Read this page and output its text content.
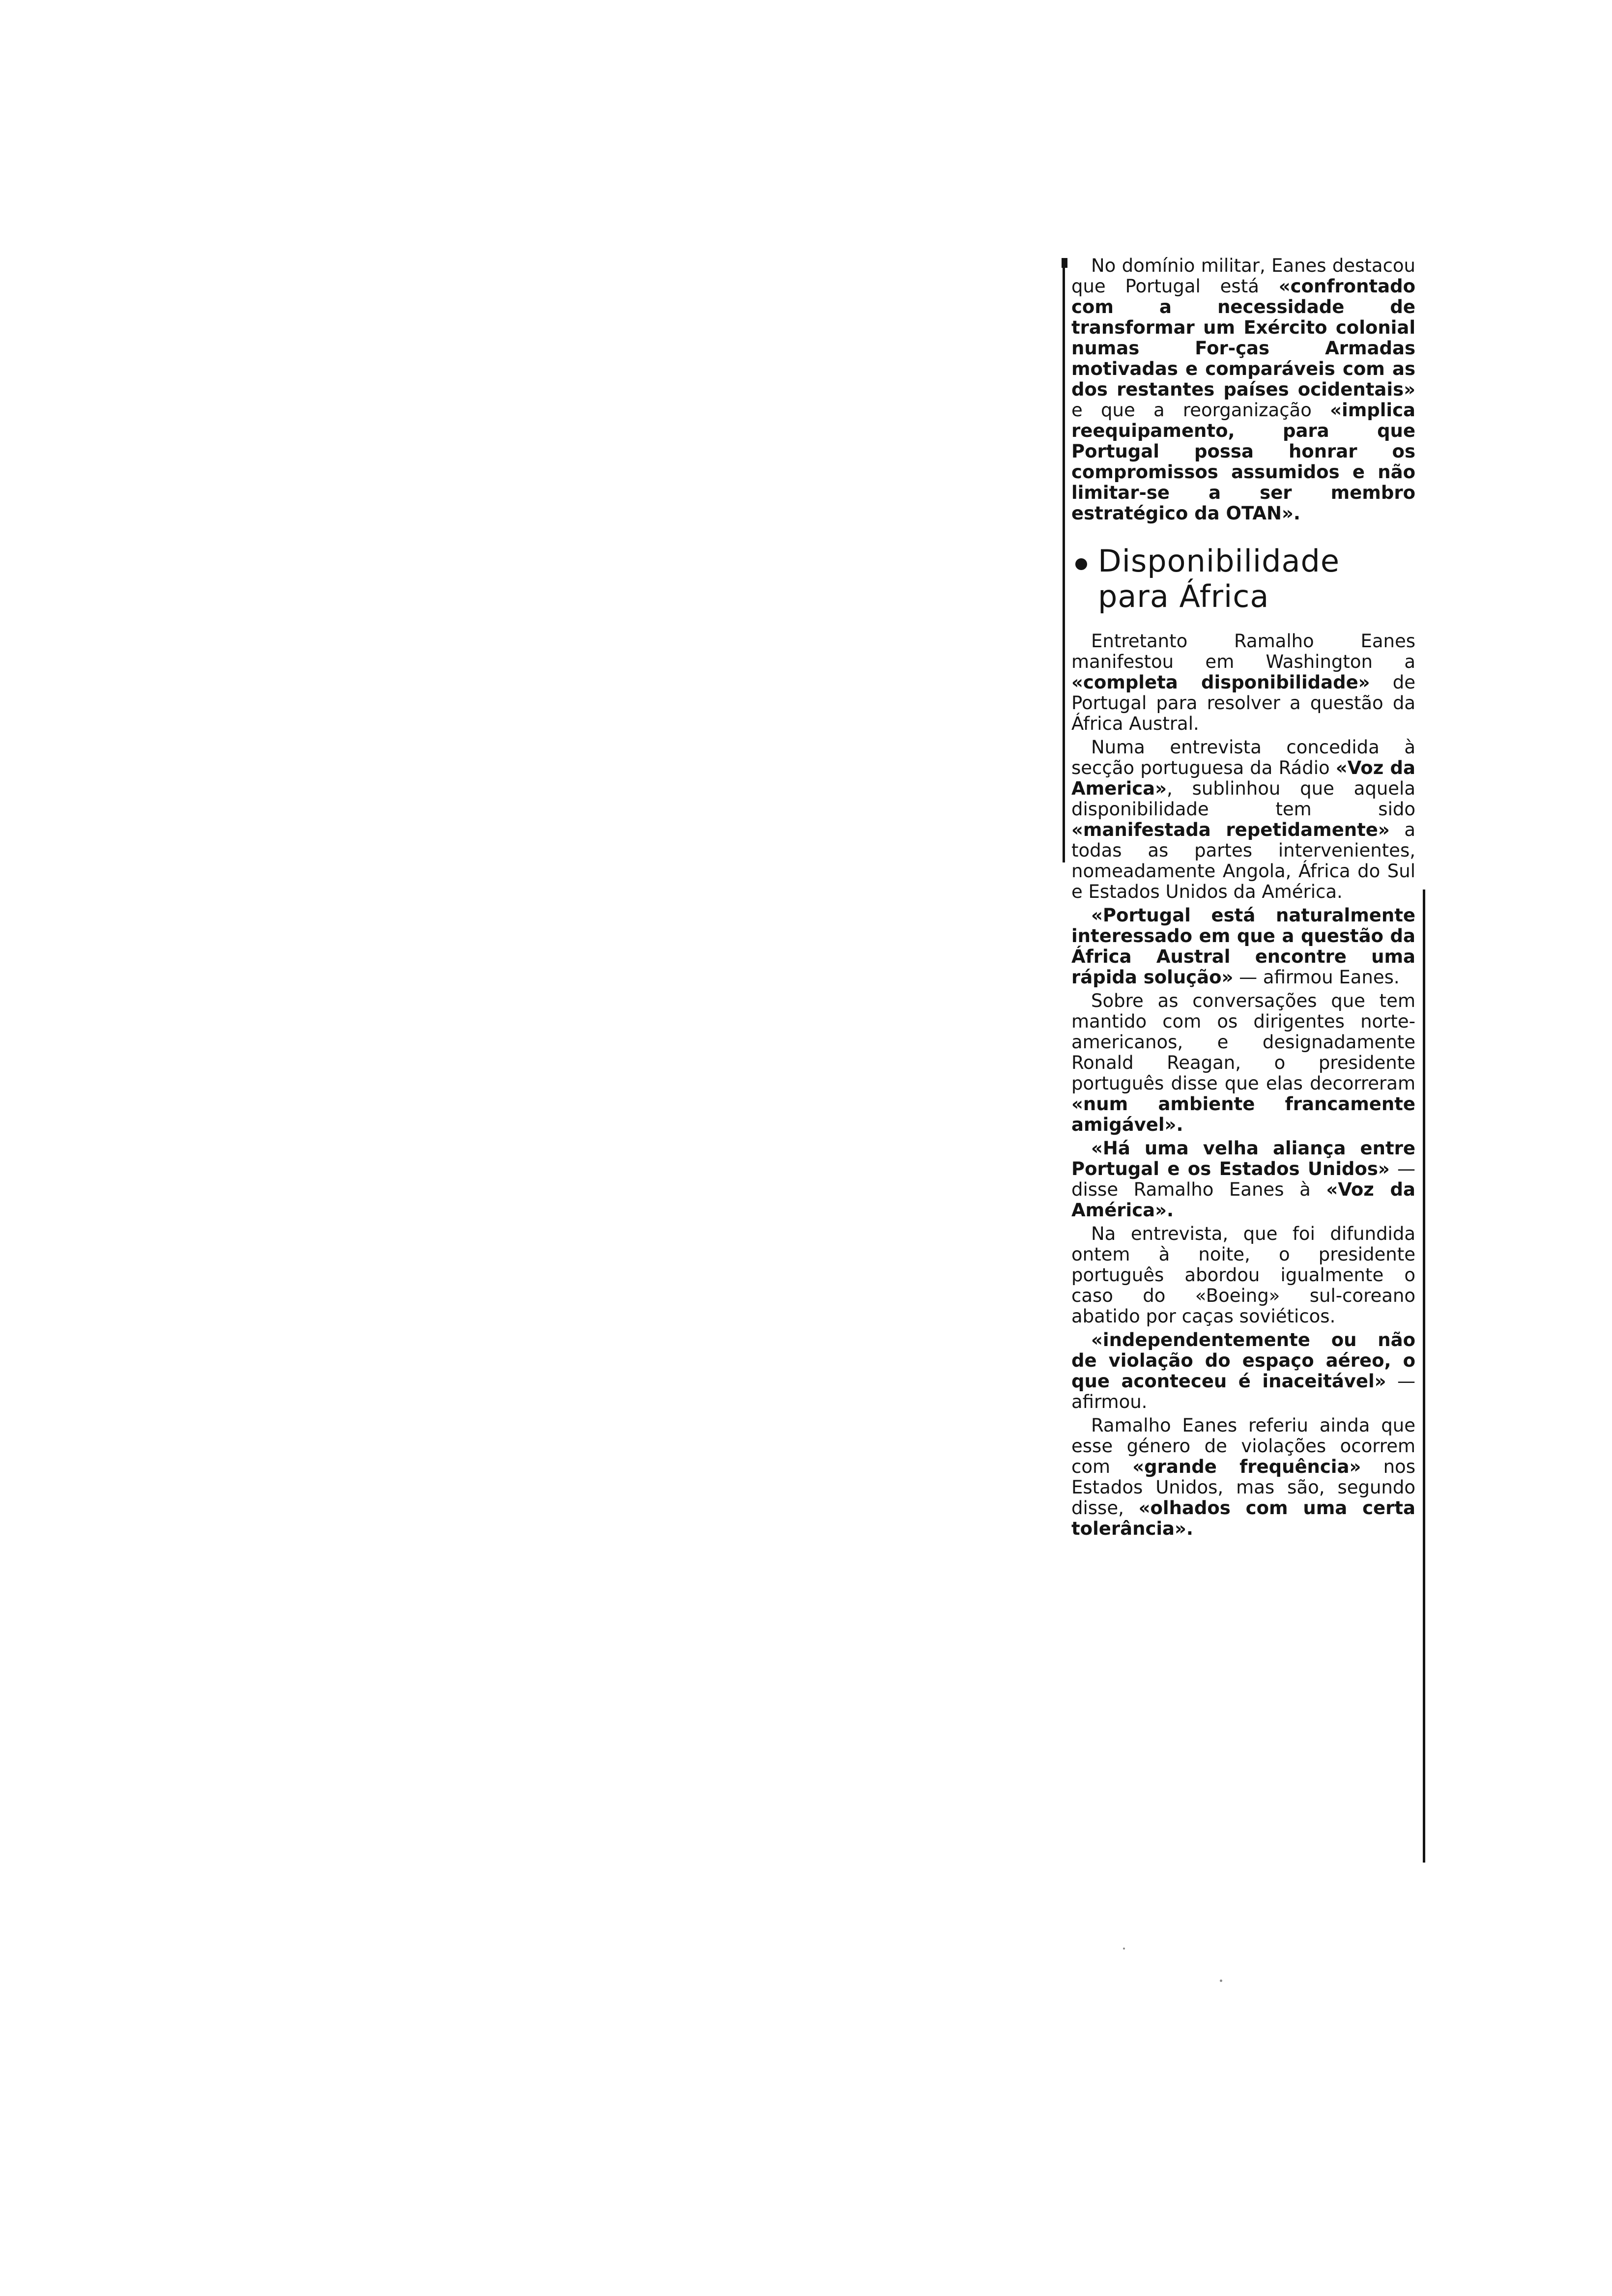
No domínio militar, Eanes destacou que Portugal está «confrontado com a necessidade de transformar um Exército colonial numas For-ças Armadas motivadas e comparáveis com as dos restantes países ocidentais» e que a reorganização «implica reequipamento, para que Portugal possa honrar os compromissos assumidos e não limitar-se a ser membro estratégico da OTAN».

Disponibilidade
para África

Entretanto Ramalho Eanes manifestou em Washington a «completa disponibilidade» de Portugal para resolver a questão da África Austral.

Numa entrevista concedida à secção portuguesa da Rádio «Voz da America», sublinhou que aquela disponibilidade tem sido «manifestada repetidamente» a todas as partes intervenientes, nomeadamente Angola, África do Sul e Estados Unidos da América.

«Portugal está naturalmente interessado em que a questão da África Austral encontre uma rápida solução» — afirmou Eanes.

Sobre as conversações que tem mantido com os dirigentes norte-americanos, e designadamente Ronald Reagan, o presidente português disse que elas decorreram «num ambiente francamente amigável».

«Há uma velha aliança entre Portugal e os Estados Unidos» — disse Ramalho Eanes à «Voz da América».

Na entrevista, que foi difundida ontem à noite, o presidente português abordou igualmente o caso do «Boeing» sul-coreano abatido por caças soviéticos.

«independentemente ou não de violação do espaço aéreo, o que aconteceu é inaceitável» — afirmou.

Ramalho Eanes referiu ainda que esse género de violações ocorrem com «grande frequência» nos Estados Unidos, mas são, segundo disse, «olhados com uma certa tolerância».
